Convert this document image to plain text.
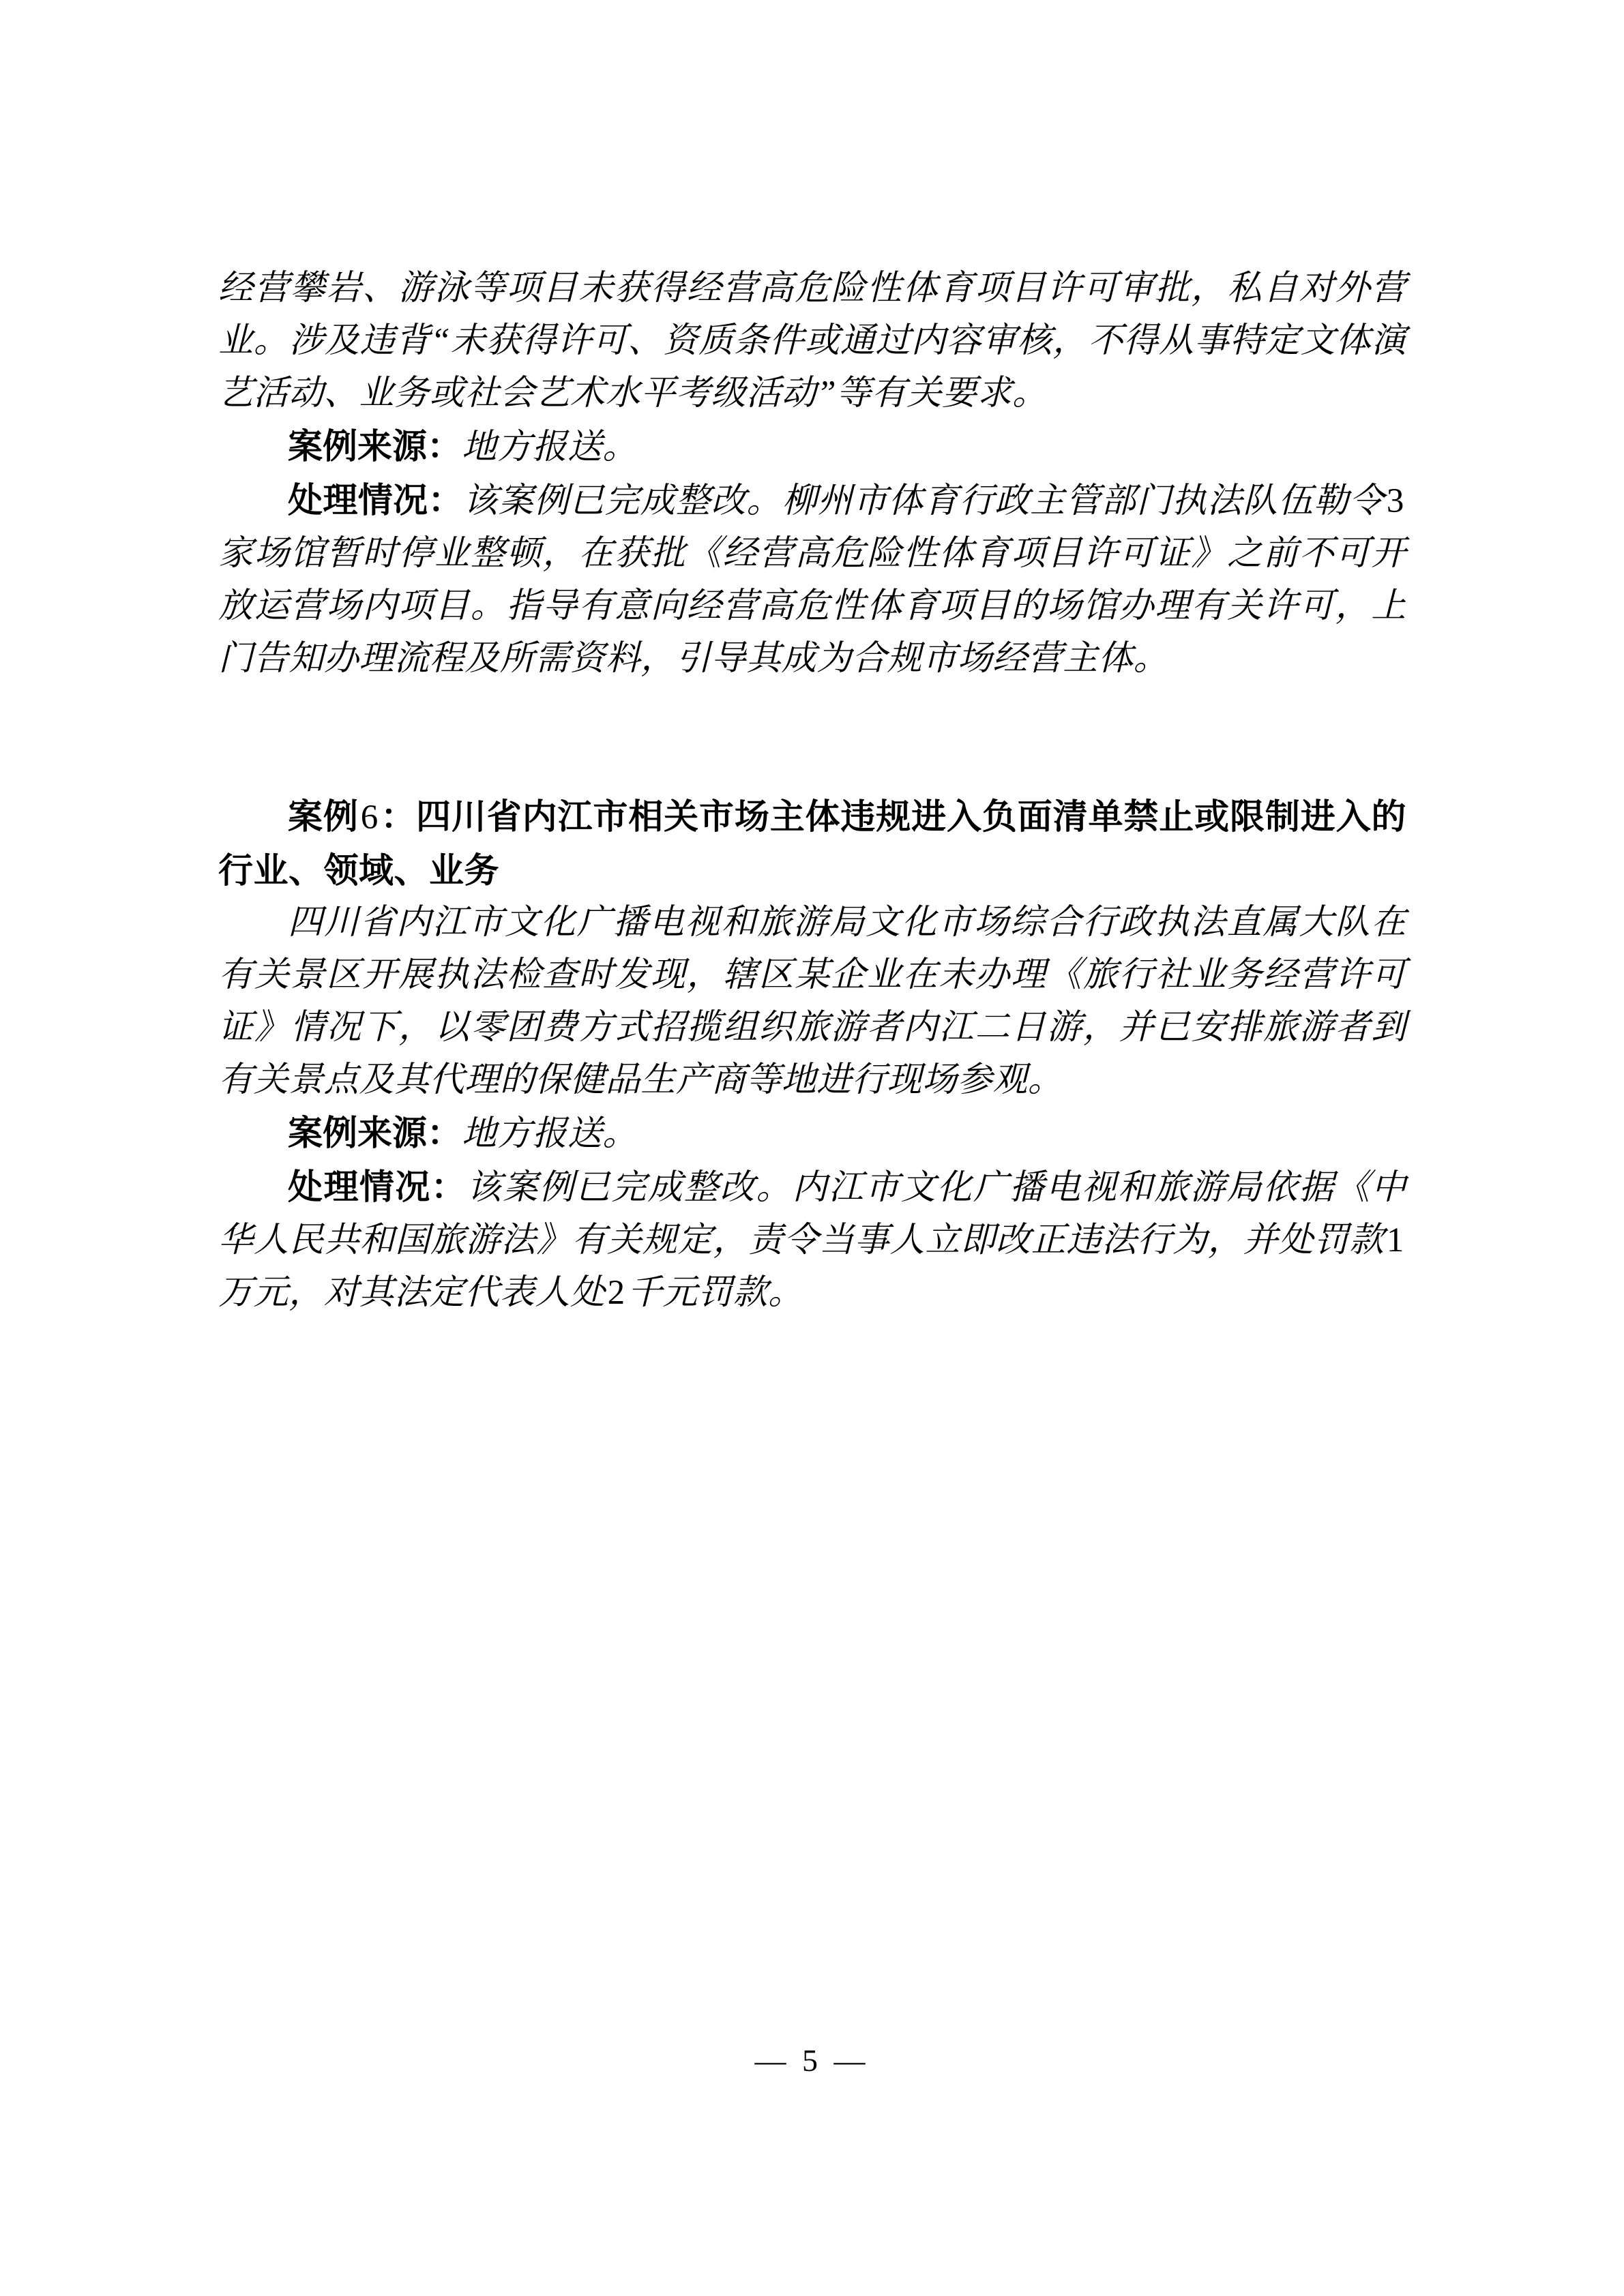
经营攀岩、游泳等项目未获得经营高危险性体育项目许可审批，私自对外营业。涉及违背“未获得许可、资质条件或通过内容审核，不得从事特定文体演艺活动、业务或社会艺术水平考级活动”等有关要求。

案例来源：地方报送。

处理情况：该案例已完成整改。柳州市体育行政主管部门执法队伍勒令3家场馆暂时停业整顿，在获批《经营高危险性体育项目许可证》之前不可开放运营场内项目。指导有意向经营高危性体育项目的场馆办理有关许可，上门告知办理流程及所需资料，引导其成为合规市场经营主体。

案例6：四川省内江市相关市场主体违规进入负面清单禁止或限制进入的行业、领域、业务

四川省内江市文化广播电视和旅游局文化市场综合行政执法直属大队在有关景区开展执法检查时发现，辖区某企业在未办理《旅行社业务经营许可证》情况下，以零团费方式招揽组织旅游者内江二日游，并已安排旅游者到有关景点及其代理的保健品生产商等地进行现场参观。

案例来源：地方报送。

处理情况：该案例已完成整改。内江市文化广播电视和旅游局依据《中华人民共和国旅游法》有关规定，责令当事人立即改正违法行为，并处罚款1万元，对其法定代表人处2千元罚款。

— 5 —
